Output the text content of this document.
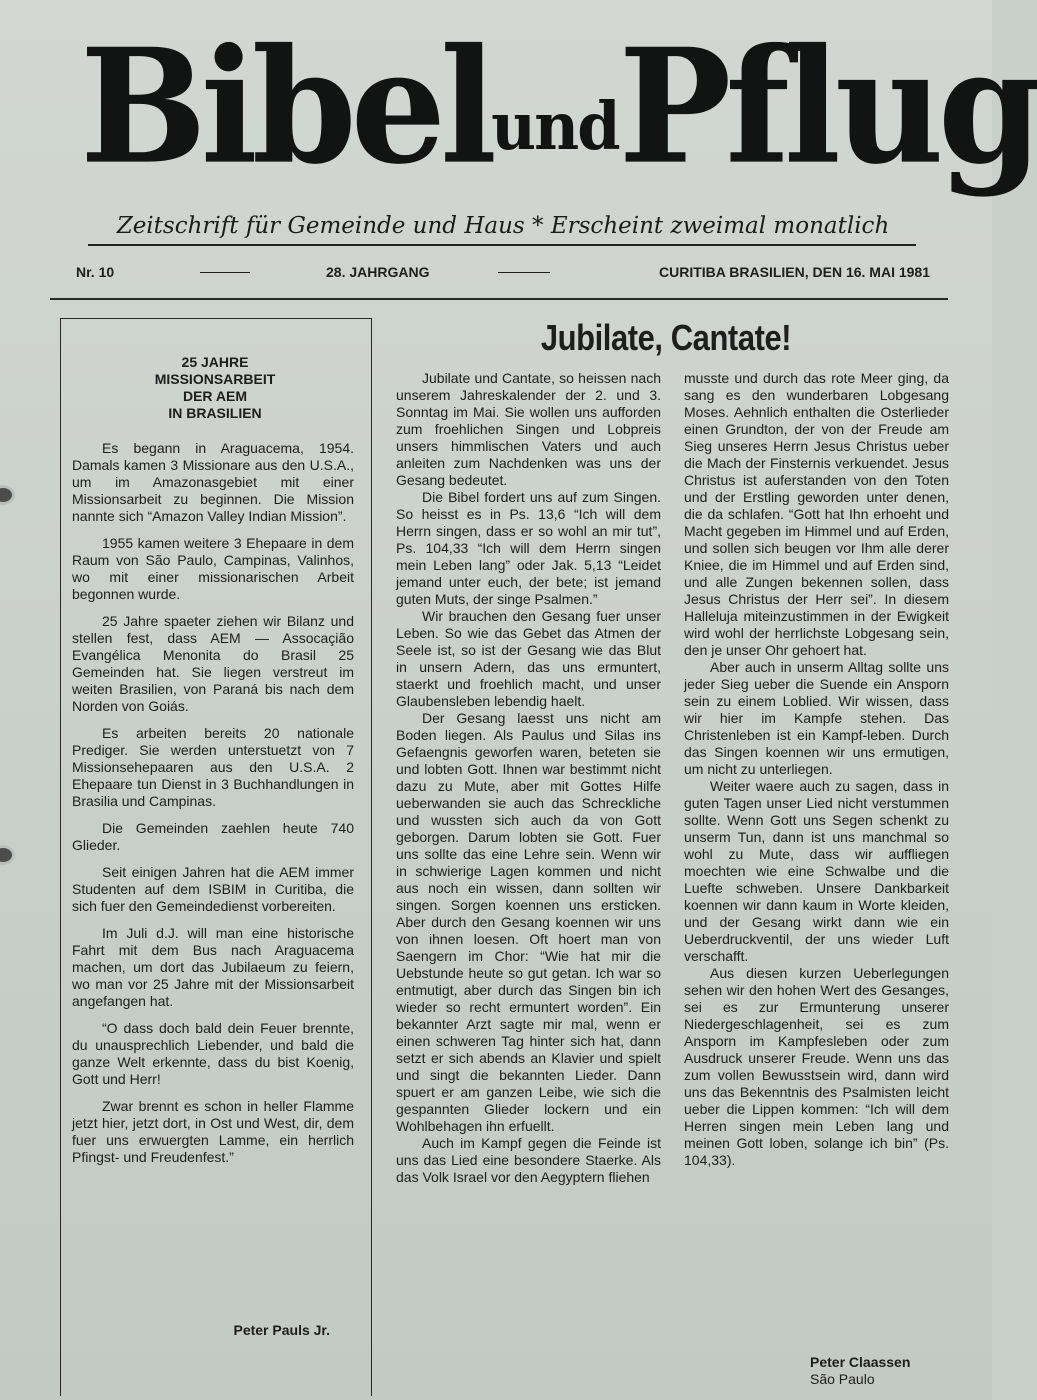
BibelundPflug
Zeitschrift für Gemeinde und Haus * Erscheint zweimal monatlich
Nr. 10	28. JAHRGANG	CURITIBA BRASILIEN, DEN 16. MAI 1981
25 JAHRE
MISSIONSARBEIT
DER AEM
IN BRASILIEN

Es begann in Araguacema, 1954. Damals kamen 3 Missionare aus den U.S.A., um im Amazonasgebiet mit einer Missionsarbeit zu beginnen. Die Mission nannte sich “Amazon Valley Indian Mission”.

1955 kamen weitere 3 Ehepaare in dem Raum von São Paulo, Campinas, Valinhos, wo mit einer missionarischen Arbeit begonnen wurde.

25 Jahre spaeter ziehen wir Bilanz und stellen fest, dass AEM — Assocaçião Evangélica Menonita do Brasil 25 Gemeinden hat. Sie liegen verstreut im weiten Brasilien, von Paraná bis nach dem Norden von Goiás.

Es arbeiten bereits 20 nationale Prediger. Sie werden unterstuetzt von 7 Missionsehepaaren aus den U.S.A. 2 Ehepaare tun Dienst in 3 Buchhandlungen in Brasilia und Campinas.

Die Gemeinden zaehlen heute 740 Glieder.

Seit einigen Jahren hat die AEM immer Studenten auf dem ISBIM in Curitiba, die sich fuer den Gemeindedienst vorbereiten.

Im Juli d.J. will man eine historische Fahrt mit dem Bus nach Araguacema machen, um dort das Jubilaeum zu feiern, wo man vor 25 Jahre mit der Missionsarbeit angefangen hat.

“O dass doch bald dein Feuer brennte, du unausprechlich Liebender, und bald die ganze Welt erkennte, dass du bist Koenig, Gott und Herr!

Zwar brennt es schon in heller Flamme jetzt hier, jetzt dort, in Ost und West, dir, dem fuer uns erwuergten Lamme, ein herrlich Pfingst- und Freudenfest.”

Peter Pauls Jr.
Jubilate, Cantate!

Jubilate und Cantate, so heissen nach unserem Jahreskalender der 2. und 3. Sonntag im Mai. Sie wollen uns aufforden zum froehlichen Singen und Lobpreis unsers himmlischen Vaters und auch anleiten zum Nachdenken was uns der Gesang bedeutet.

Die Bibel fordert uns auf zum Singen. So heisst es in Ps. 13,6 “Ich will dem Herrn singen, dass er so wohl an mir tut”, Ps. 104,33 “Ich will dem Herrn singen mein Leben lang” oder Jak. 5,13 “Leidet jemand unter euch, der bete; ist jemand guten Muts, der singe Psalmen.”

Wir brauchen den Gesang fuer unser Leben. So wie das Gebet das Atmen der Seele ist, so ist der Gesang wie das Blut in unsern Adern, das uns ermuntert, staerkt und froehlich macht, und unser Glaubensleben lebendig haelt.

Der Gesang laesst uns nicht am Boden liegen. Als Paulus und Silas ins Gefaengnis geworfen waren, beteten sie und lobten Gott. Ihnen war bestimmt nicht dazu zu Mute, aber mit Gottes Hilfe ueberwanden sie auch das Schreckliche und wussten sich auch da von Gott geborgen. Darum lobten sie Gott. Fuer uns sollte das eine Lehre sein. Wenn wir in schwierige Lagen kommen und nicht aus noch ein wissen, dann sollten wir singen. Sorgen koennen uns ersticken. Aber durch den Gesang koennen wir uns von ihnen loesen. Oft hoert man von Saengern im Chor: “Wie hat mir die Uebstunde heute so gut getan. Ich war so entmutigt, aber durch das Singen bin ich wieder so recht ermuntert worden”. Ein bekannter Arzt sagte mir mal, wenn er einen schweren Tag hinter sich hat, dann setzt er sich abends an Klavier und spielt und singt die bekannten Lieder. Dann spuert er am ganzen Leibe, wie sich die gespannten Glieder lockern und ein Wohlbehagen ihn erfuellt.

Auch im Kampf gegen die Feinde ist uns das Lied eine besondere Staerke. Als das Volk Israel vor den Aegyptern fliehen

musste und durch das rote Meer ging, da sang es den wunderbaren Lobgesang Moses. Aehnlich enthalten die Osterlieder einen Grundton, der von der Freude am Sieg unseres Herrn Jesus Christus ueber die Mach der Finsternis verkuendet. Jesus Christus ist auferstanden von den Toten und der Erstling geworden unter denen, die da schlafen. “Gott hat Ihn erhoeht und Macht gegeben im Himmel und auf Erden, und sollen sich beugen vor Ihm alle derer Kniee, die im Himmel und auf Erden sind, und alle Zungen bekennen sollen, dass Jesus Christus der Herr sei”. In diesem Halleluja miteinzustimmen in der Ewigkeit wird wohl der herrlichste Lobgesang sein, den je unser Ohr gehoert hat.

Aber auch in unserm Alltag sollte uns jeder Sieg ueber die Suende ein Ansporn sein zu einem Loblied. Wir wissen, dass wir hier im Kampfe stehen. Das Christenleben ist ein Kampf-leben. Durch das Singen koennen wir uns ermutigen, um nicht zu unterliegen.

Weiter waere auch zu sagen, dass in guten Tagen unser Lied nicht verstummen sollte. Wenn Gott uns Segen schenkt zu unserm Tun, dann ist uns manchmal so wohl zu Mute, dass wir auffliegen moechten wie eine Schwalbe und die Luefte schweben. Unsere Dankbarkeit koennen wir dann kaum in Worte kleiden, und der Gesang wirkt dann wie ein Ueberdruckventil, der uns wieder Luft verschafft.

Aus diesen kurzen Ueberlegungen sehen wir den hohen Wert des Gesanges, sei es zur Ermunterung unserer Niedergeschlagenheit, sei es zum Ansporn im Kampfesleben oder zum Ausdruck unserer Freude. Wenn uns das zum vollen Bewusstsein wird, dann wird uns das Bekenntnis des Psalmisten leicht ueber die Lippen kommen: “Ich will dem Herren singen mein Leben lang und meinen Gott loben, solange ich bin” (Ps. 104,33).

Peter Claassen
São Paulo
